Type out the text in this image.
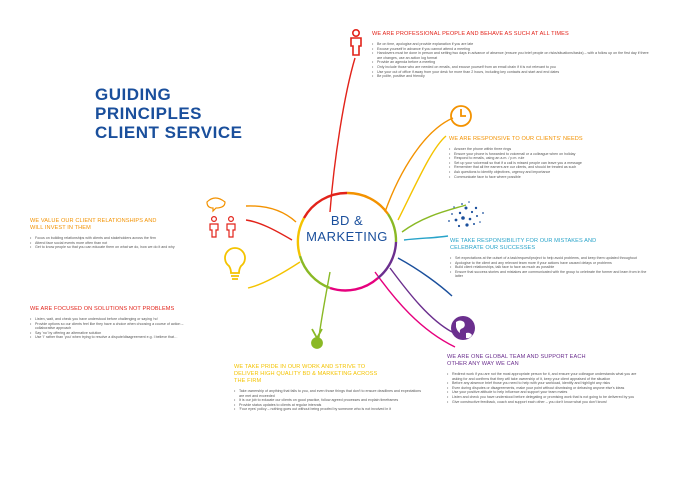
GUIDING
PRINCIPLES
CLIENT SERVICE
BD &
MARKETING
WE ARE PROFESSIONAL PEOPLE AND BEHAVE AS SUCH AT ALL TIMES
• Be on time, apologise and provide explanation if you are late
• Excuse yourself in advance if you cannot attend a meeting
• Handovers must be done in person and setting two days in advance of absence (ensure you brief people on risks/situations/tasks) – with a follow up on the first day if there are changes, use an action log format
• Provide an agenda before a meeting
• Only include those who are needed on emails, and excuse yourself from an email chain if it is not relevant to you
• Use your out of office if away from your desk for more than 2 hours, including key contacts and start and end dates
• Be polite, positive and friendly
WE ARE RESPONSIVE TO OUR CLIENTS' NEEDS
• Answer the phone within three rings
• Ensure your phone is forwarded to voicemail or a colleague when on holiday
• Respond to emails, using an a.m. / p.m. rule
• Set up your voicemail so that if a call is missed people can leave you a message
• Remember that all fee earners are our clients, and should be treated as such
• Ask questions to identify objectives, urgency and importance
• Communicate face to face where possible
WE VALUE OUR CLIENT RELATIONSHIPS AND
WILL INVEST IN THEM
• Focus on building relationships with clients and stakeholders across the firm
• Attend face social events more often than not
• Get to know people so that you can educate them on what we do, how we do it and why
WE TAKE RESPONSIBILITY FOR OUR MISTAKES AND
CELEBRATE OUR SUCCESSES
• Set expectations at the outset of a task/request/project to help avoid problems, and keep them updated throughout
• Apologise to the client and any relevant team more if your actions have caused delays or problems
• Build client relationships, talk face to face as much as possible
• Ensure that success stories and mistakes are communicated with the group to celebrate the former and learn from in the latter
WE ARE FOCUSED ON SOLUTIONS NOT PROBLEMS
• Listen, wait, and check you have understood before challenging or saying 'no'
• Provide options so our clients feel like they have a choice when choosing a course of action – collaborative approach
• Say 'no' by offering an alternative solution
• Use 'I' rather than 'you' when trying to resolve a dispute/disagreement e.g. I believe that…
WE TAKE PRIDE IN OUR WORK AND STRIVE TO
DELIVER HIGH QUALITY BD & MARKETING ACROSS
THE FIRM
• Take ownership of anything that falls to you, and even those things that don't to ensure deadlines and expectations are met and exceeded
• It is our job to educate our clients on good practice, follow agreed processes and explain timeframes
• Provide status updates to clients at regular intervals
• 'Four eyes' policy – nothing goes out without being proofed by someone who is not involved in it
WE ARE ONE GLOBAL TEAM AND SUPPORT EACH
OTHER ANY WAY WE CAN
• Redirect work if you are not the most appropriate person for it, and ensure your colleague understands what you are asking for and confirms that they will take ownership of it, keep your client appraised of the situation
• Before any absence brief those you need to help with your workload, identify and highlight any risks
• Even during disputes or disagreements, make your point without dismissing or debasing anyone else's ideas
• Use your positive attitude to help influence and support your team mates
• Listen and check you have understood before delegating or promising work that is not going to be delivered by you
• Give constructive feedback, coach and support each other – you don't know what you don't know!
